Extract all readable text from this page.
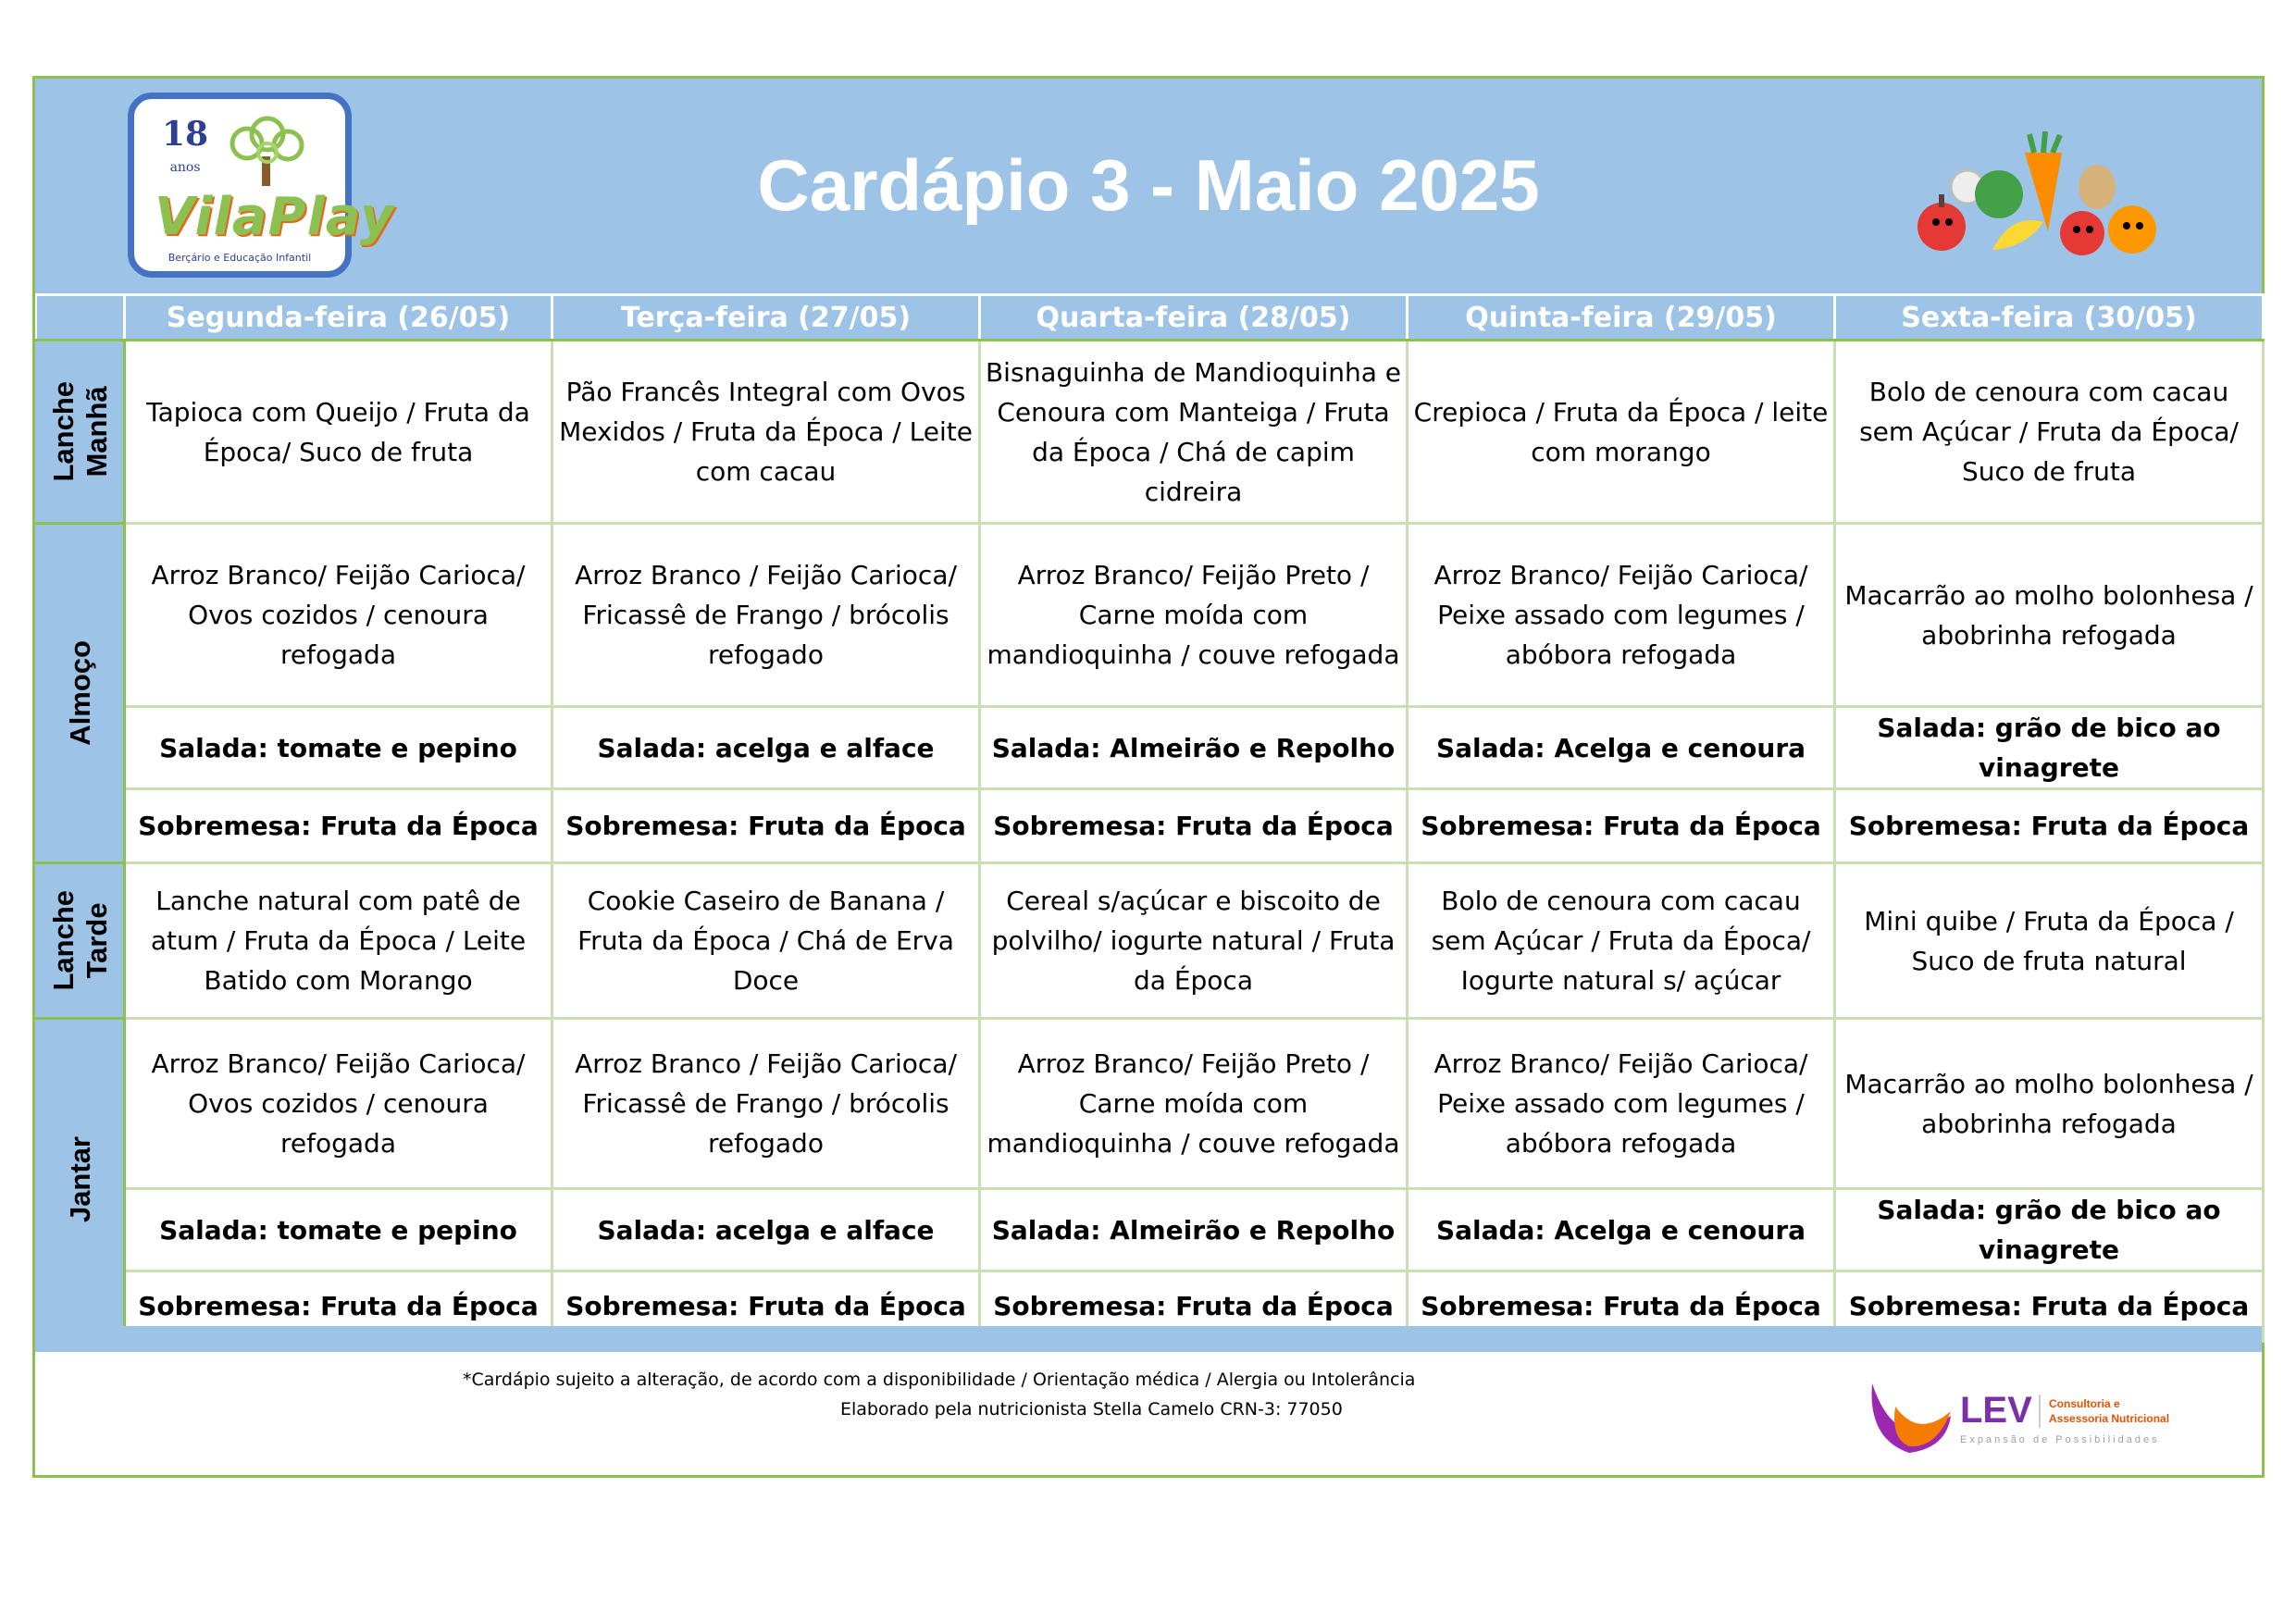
18
anos
VilaPlay
Berçário e Educação Infantil
Cardápio 3 - Maio 2025
	Segunda-feira (26/05)	Terça-feira (27/05)	Quarta-feira (28/05)	Quinta-feira (29/05)	Sexta-feira (30/05)

Lanche
Manhã	Tapioca com Queijo / Fruta da Época/ Suco de fruta	Pão Francês Integral com Ovos Mexidos / Fruta da Época / Leite com cacau	Bisnaguinha de Mandioquinha e Cenoura com Manteiga / Fruta da Época / Chá de capim cidreira	Crepioca / Fruta da Época / leite com morango	Bolo de cenoura com cacau sem Açúcar / Fruta da Época/ Suco de fruta

Almoço	Arroz Branco/ Feijão Carioca/ Ovos cozidos / cenoura refogada	Arroz Branco / Feijão Carioca/ Fricassê de Frango / brócolis refogado	Arroz Branco/ Feijão Preto / Carne moída com mandioquinha / couve refogada	Arroz Branco/ Feijão Carioca/ Peixe assado com legumes / abóbora refogada	Macarrão ao molho bolonhesa / abobrinha refogada
	Salada: tomate e pepino	Salada: acelga e alface	Salada: Almeirão e Repolho	Salada: Acelga e cenoura	Salada: grão de bico ao vinagrete
	Sobremesa: Fruta da Época	Sobremesa: Fruta da Época	Sobremesa: Fruta da Época	Sobremesa: Fruta da Época	Sobremesa: Fruta da Época

Lanche
Tarde	Lanche natural com patê de atum / Fruta da Época / Leite Batido com Morango	Cookie Caseiro de Banana / Fruta da Época / Chá de Erva Doce	Cereal s/açúcar e biscoito de polvilho/ iogurte natural / Fruta da Época	Bolo de cenoura com cacau sem Açúcar / Fruta da Época/ Iogurte natural s/ açúcar	Mini quibe / Fruta da Época / Suco de fruta natural

Jantar	Arroz Branco/ Feijão Carioca/ Ovos cozidos / cenoura refogada	Arroz Branco / Feijão Carioca/ Fricassê de Frango / brócolis refogado	Arroz Branco/ Feijão Preto / Carne moída com mandioquinha / couve refogada	Arroz Branco/ Feijão Carioca/ Peixe assado com legumes / abóbora refogada	Macarrão ao molho bolonhesa / abobrinha refogada
	Salada: tomate e pepino	Salada: acelga e alface	Salada: Almeirão e Repolho	Salada: Acelga e cenoura	Salada: grão de bico ao vinagrete
	Sobremesa: Fruta da Época	Sobremesa: Fruta da Época	Sobremesa: Fruta da Época	Sobremesa: Fruta da Época	Sobremesa: Fruta da Época
*Cardápio sujeito a alteração, de acordo com a disponibilidade / Orientação médica / Alergia ou Intolerância
Elaborado pela nutricionista Stella Camelo CRN-3: 77050	LEV Consultoria e
Assessoria Nutricional
Expansão de Possibilidades
